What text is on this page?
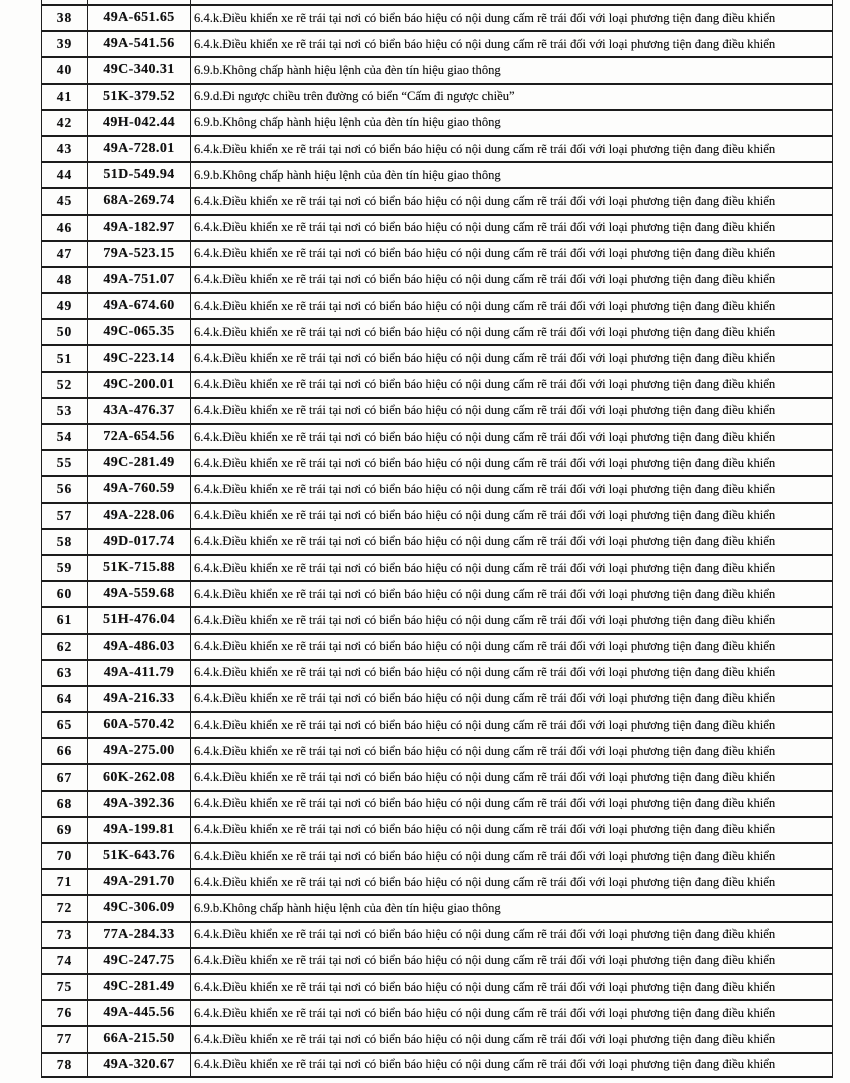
38	49A-651.65	6.4.k.Điều khiển xe rẽ trái tại nơi có biển báo hiệu có nội dung cấm rẽ trái đối với loại phương tiện đang điều khiển
39	49A-541.56	6.4.k.Điều khiển xe rẽ trái tại nơi có biển báo hiệu có nội dung cấm rẽ trái đối với loại phương tiện đang điều khiển
40	49C-340.31	6.9.b.Không chấp hành hiệu lệnh của đèn tín hiệu giao thông
41	51K-379.52	6.9.d.Đi ngược chiều trên đường có biển “Cấm đi ngược chiều”
42	49H-042.44	6.9.b.Không chấp hành hiệu lệnh của đèn tín hiệu giao thông
43	49A-728.01	6.4.k.Điều khiển xe rẽ trái tại nơi có biển báo hiệu có nội dung cấm rẽ trái đối với loại phương tiện đang điều khiển
44	51D-549.94	6.9.b.Không chấp hành hiệu lệnh của đèn tín hiệu giao thông
45	68A-269.74	6.4.k.Điều khiển xe rẽ trái tại nơi có biển báo hiệu có nội dung cấm rẽ trái đối với loại phương tiện đang điều khiển
46	49A-182.97	6.4.k.Điều khiển xe rẽ trái tại nơi có biển báo hiệu có nội dung cấm rẽ trái đối với loại phương tiện đang điều khiển
47	79A-523.15	6.4.k.Điều khiển xe rẽ trái tại nơi có biển báo hiệu có nội dung cấm rẽ trái đối với loại phương tiện đang điều khiển
48	49A-751.07	6.4.k.Điều khiển xe rẽ trái tại nơi có biển báo hiệu có nội dung cấm rẽ trái đối với loại phương tiện đang điều khiển
49	49A-674.60	6.4.k.Điều khiển xe rẽ trái tại nơi có biển báo hiệu có nội dung cấm rẽ trái đối với loại phương tiện đang điều khiển
50	49C-065.35	6.4.k.Điều khiển xe rẽ trái tại nơi có biển báo hiệu có nội dung cấm rẽ trái đối với loại phương tiện đang điều khiển
51	49C-223.14	6.4.k.Điều khiển xe rẽ trái tại nơi có biển báo hiệu có nội dung cấm rẽ trái đối với loại phương tiện đang điều khiển
52	49C-200.01	6.4.k.Điều khiển xe rẽ trái tại nơi có biển báo hiệu có nội dung cấm rẽ trái đối với loại phương tiện đang điều khiển
53	43A-476.37	6.4.k.Điều khiển xe rẽ trái tại nơi có biển báo hiệu có nội dung cấm rẽ trái đối với loại phương tiện đang điều khiển
54	72A-654.56	6.4.k.Điều khiển xe rẽ trái tại nơi có biển báo hiệu có nội dung cấm rẽ trái đối với loại phương tiện đang điều khiển
55	49C-281.49	6.4.k.Điều khiển xe rẽ trái tại nơi có biển báo hiệu có nội dung cấm rẽ trái đối với loại phương tiện đang điều khiển
56	49A-760.59	6.4.k.Điều khiển xe rẽ trái tại nơi có biển báo hiệu có nội dung cấm rẽ trái đối với loại phương tiện đang điều khiển
57	49A-228.06	6.4.k.Điều khiển xe rẽ trái tại nơi có biển báo hiệu có nội dung cấm rẽ trái đối với loại phương tiện đang điều khiển
58	49D-017.74	6.4.k.Điều khiển xe rẽ trái tại nơi có biển báo hiệu có nội dung cấm rẽ trái đối với loại phương tiện đang điều khiển
59	51K-715.88	6.4.k.Điều khiển xe rẽ trái tại nơi có biển báo hiệu có nội dung cấm rẽ trái đối với loại phương tiện đang điều khiển
60	49A-559.68	6.4.k.Điều khiển xe rẽ trái tại nơi có biển báo hiệu có nội dung cấm rẽ trái đối với loại phương tiện đang điều khiển
61	51H-476.04	6.4.k.Điều khiển xe rẽ trái tại nơi có biển báo hiệu có nội dung cấm rẽ trái đối với loại phương tiện đang điều khiển
62	49A-486.03	6.4.k.Điều khiển xe rẽ trái tại nơi có biển báo hiệu có nội dung cấm rẽ trái đối với loại phương tiện đang điều khiển
63	49A-411.79	6.4.k.Điều khiển xe rẽ trái tại nơi có biển báo hiệu có nội dung cấm rẽ trái đối với loại phương tiện đang điều khiển
64	49A-216.33	6.4.k.Điều khiển xe rẽ trái tại nơi có biển báo hiệu có nội dung cấm rẽ trái đối với loại phương tiện đang điều khiển
65	60A-570.42	6.4.k.Điều khiển xe rẽ trái tại nơi có biển báo hiệu có nội dung cấm rẽ trái đối với loại phương tiện đang điều khiển
66	49A-275.00	6.4.k.Điều khiển xe rẽ trái tại nơi có biển báo hiệu có nội dung cấm rẽ trái đối với loại phương tiện đang điều khiển
67	60K-262.08	6.4.k.Điều khiển xe rẽ trái tại nơi có biển báo hiệu có nội dung cấm rẽ trái đối với loại phương tiện đang điều khiển
68	49A-392.36	6.4.k.Điều khiển xe rẽ trái tại nơi có biển báo hiệu có nội dung cấm rẽ trái đối với loại phương tiện đang điều khiển
69	49A-199.81	6.4.k.Điều khiển xe rẽ trái tại nơi có biển báo hiệu có nội dung cấm rẽ trái đối với loại phương tiện đang điều khiển
70	51K-643.76	6.4.k.Điều khiển xe rẽ trái tại nơi có biển báo hiệu có nội dung cấm rẽ trái đối với loại phương tiện đang điều khiển
71	49A-291.70	6.4.k.Điều khiển xe rẽ trái tại nơi có biển báo hiệu có nội dung cấm rẽ trái đối với loại phương tiện đang điều khiển
72	49C-306.09	6.9.b.Không chấp hành hiệu lệnh của đèn tín hiệu giao thông
73	77A-284.33	6.4.k.Điều khiển xe rẽ trái tại nơi có biển báo hiệu có nội dung cấm rẽ trái đối với loại phương tiện đang điều khiển
74	49C-247.75	6.4.k.Điều khiển xe rẽ trái tại nơi có biển báo hiệu có nội dung cấm rẽ trái đối với loại phương tiện đang điều khiển
75	49C-281.49	6.4.k.Điều khiển xe rẽ trái tại nơi có biển báo hiệu có nội dung cấm rẽ trái đối với loại phương tiện đang điều khiển
76	49A-445.56	6.4.k.Điều khiển xe rẽ trái tại nơi có biển báo hiệu có nội dung cấm rẽ trái đối với loại phương tiện đang điều khiển
77	66A-215.50	6.4.k.Điều khiển xe rẽ trái tại nơi có biển báo hiệu có nội dung cấm rẽ trái đối với loại phương tiện đang điều khiển
78	49A-320.67	6.4.k.Điều khiển xe rẽ trái tại nơi có biển báo hiệu có nội dung cấm rẽ trái đối với loại phương tiện đang điều khiển
